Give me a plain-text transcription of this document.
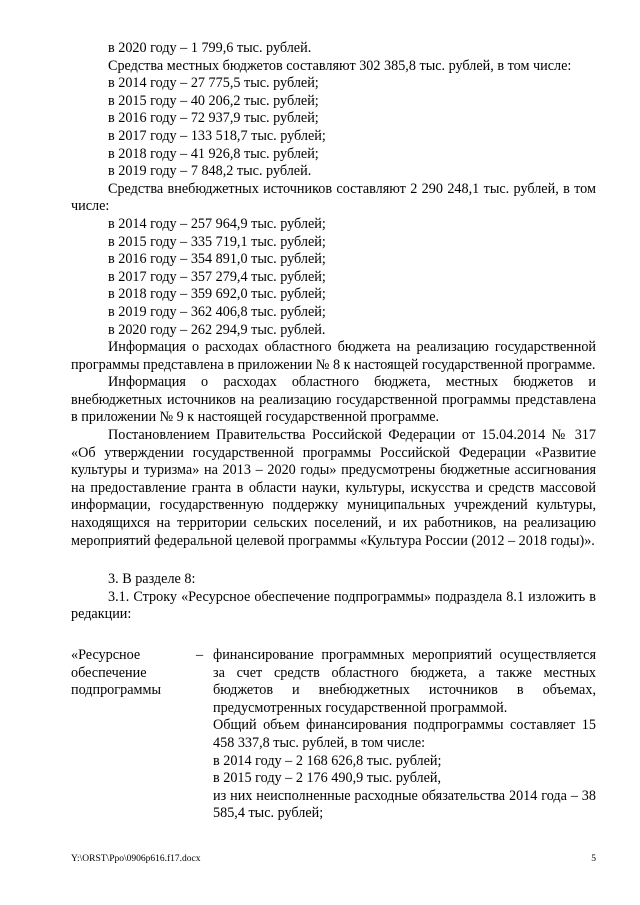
в 2020 году – 1 799,6 тыс. рублей.

Средства местных бюджетов составляют 302 385,8 тыс. рублей, в том числе:

в 2014 году – 27 775,5 тыс. рублей;

в 2015 году – 40 206,2 тыс. рублей;

в 2016 году – 72 937,9 тыс. рублей;

в 2017 году – 133 518,7 тыс. рублей;

в 2018 году – 41 926,8 тыс. рублей;

в 2019 году – 7 848,2 тыс. рублей.

Средства внебюджетных источников составляют 2 290 248,1 тыс. рублей, в том числе:

в 2014 году – 257 964,9 тыс. рублей;

в 2015 году – 335 719,1 тыс. рублей;

в 2016 году – 354 891,0 тыс. рублей;

в 2017 году – 357 279,4 тыс. рублей;

в 2018 году – 359 692,0 тыс. рублей;

в 2019 году – 362 406,8 тыс. рублей;

в 2020 году – 262 294,9 тыс. рублей.

Информация о расходах областного бюджета на реализацию государственной программы представлена в приложении № 8 к настоящей государственной программе.

Информация о расходах областного бюджета, местных бюджетов и внебюджетных источников на реализацию государственной программы представлена в приложении № 9 к настоящей государственной программе.

Постановлением Правительства Российской Федерации от 15.04.2014 № 317 «Об утверждении государственной программы Российской Федерации «Развитие культуры и туризма» на 2013 – 2020 годы» предусмотрены бюджетные ассигнования на предоставление гранта в области науки, культуры, искусства и средств массовой информации, государственную поддержку муниципальных учреждений культуры, находящихся на территории сельских поселений, и их работников, на реализацию мероприятий федеральной целевой программы «Культура России (2012 – 2018 годы)».

3. В разделе 8:

3.1. Строку «Ресурсное обеспечение подпрограммы» подраздела 8.1 изложить в редакции:

«Ресурсное
обеспечение
подпрограммы
– финансирование программных мероприятий осуществляется за счет средств областного бюджета, а также местных бюджетов и внебюджетных источников в объемах, предусмотренных государственной программой.

Общий объем финансирования подпрограммы составляет 15 458 337,8 тыс. рублей, в том числе:

в 2014 году – 2 168 626,8 тыс. рублей;

в 2015 году – 2 176 490,9 тыс. рублей,

из них неисполненные расходные обязательства 2014 года – 38 585,4 тыс. рублей;

Y:\ORST\Ppo\0906p616.f17.docx	5
